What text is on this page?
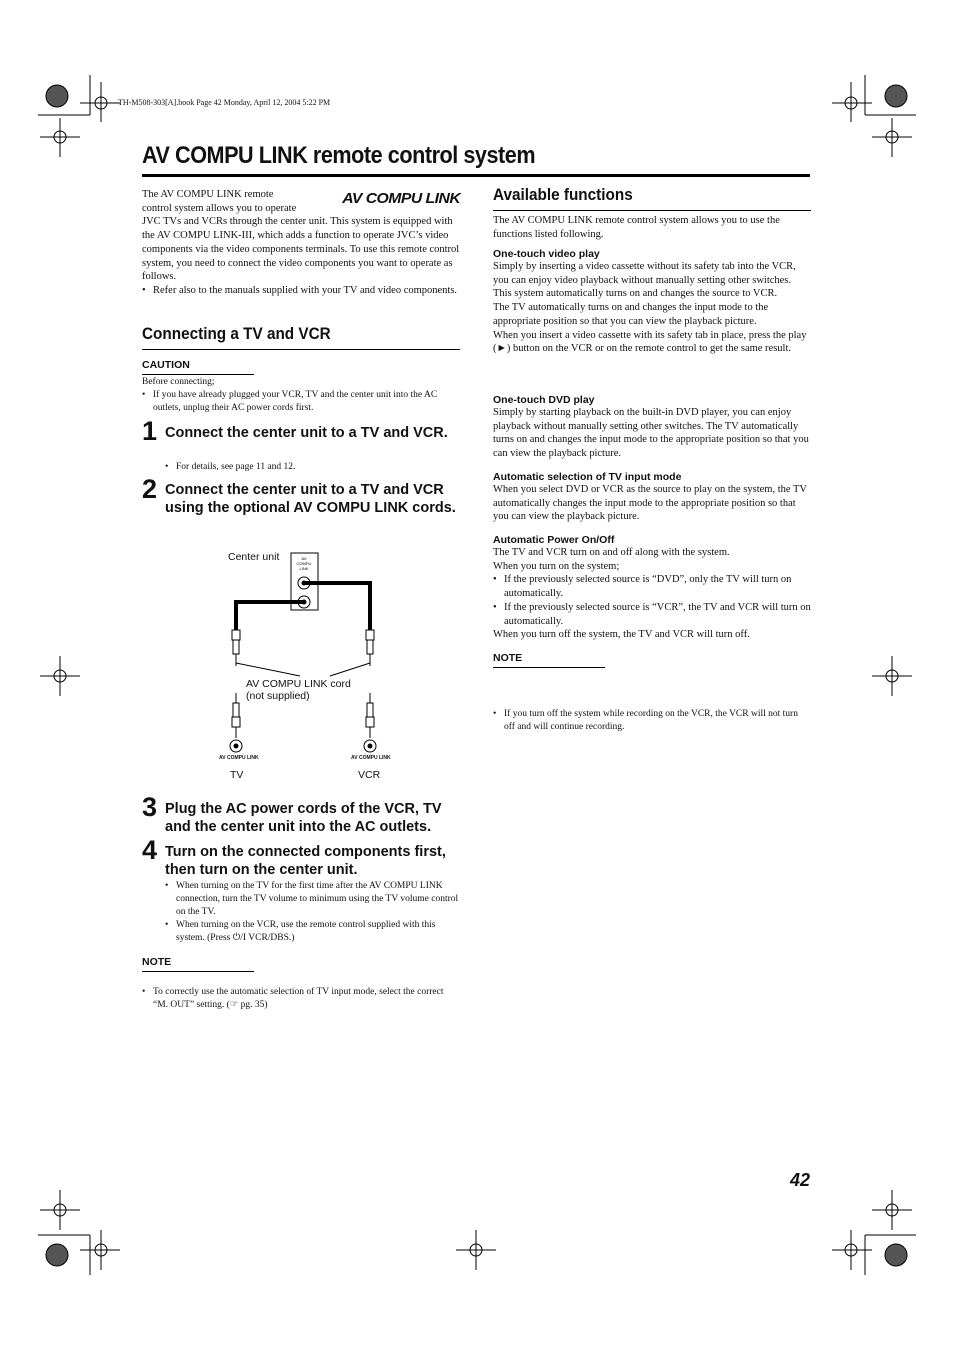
TH-M508-303[A].book Page 42 Monday, April 12, 2004 5:22 PM
AV COMPU LINK remote control system
AV COMPU LINK
The AV COMPU LINK remote
control system allows you to operate
JVC TVs and VCRs through the center unit. This system is equipped with the AV COMPU LINK-III, which adds a function to operate JVC’s video components via the video components terminals. To use this remote control system, you need to connect the video components you want to operate as follows.
• Refer also to the manuals supplied with your TV and video components.
Connecting a TV and VCR
CAUTION
Before connecting;
• If you have already plugged your VCR, TV and the center unit into the AC outlets, unplug their AC power cords first.
1 Connect the center unit to a TV and VCR.
• For details, see page 11 and 12.
2 Connect the center unit to a TV and VCR using the optional AV COMPU LINK cords.
Center unit	AV
COMPU
LINK
AV COMPU LINK	AV COMPU LINK
AV COMPU LINK cord
(not supplied)
TV	VCR
3 Plug the AC power cords of the VCR, TV and the center unit into the AC outlets.
4 Turn on the connected components first, then turn on the center unit.
• When turning on the TV for the first time after the AV COMPU LINK connection, turn the TV volume to minimum using the TV volume control on the TV.
• When turning on the VCR, use the remote control supplied with this system. (Press ⏻/I VCR/DBS.)
NOTE
• To correctly use the automatic selection of TV input mode, select the correct “M. OUT” setting. (☞ pg. 35)
Available functions
The AV COMPU LINK remote control system allows you to use the functions listed following.
One-touch video play
Simply by inserting a video cassette without its safety tab into the VCR, you can enjoy video playback without manually setting other switches. This system automatically turns on and changes the source to VCR.
The TV automatically turns on and changes the input mode to the appropriate position so that you can view the playback picture.
When you insert a video cassette with its safety tab in place, press the play (►) button on the VCR or on the remote control to get the same result.
One-touch DVD play
Simply by starting playback on the built-in DVD player, you can enjoy playback without manually setting other switches. The TV automatically turns on and changes the input mode to the appropriate position so that you can view the playback picture.
Automatic selection of TV input mode
When you select DVD or VCR as the source to play on the system, the TV automatically changes the input mode to the appropriate position so that you can view the playback picture.
Automatic Power On/Off
The TV and VCR turn on and off along with the system.
When you turn on the system;
• If the previously selected source is “DVD”, only the TV will turn on automatically.
• If the previously selected source is “VCR”, the TV and VCR will turn on automatically.
When you turn off the system, the TV and VCR will turn off.
NOTE
• If you turn off the system while recording on the VCR, the VCR will not turn off and will continue recording.
42
